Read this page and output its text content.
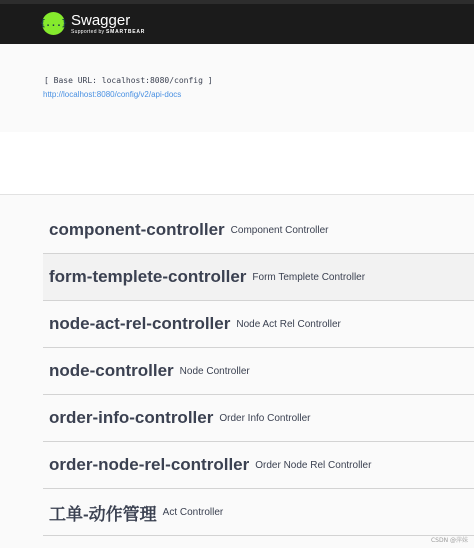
{...} Swagger
Supported by SMARTBEAR
[ Base URL: localhost:8080/config ]
http://localhost:8080/config/v2/api-docs
component-controller Component Controller
form-templete-controller Form Templete Controller
node-act-rel-controller Node Act Rel Controller
node-controller Node Controller
order-info-controller Order Info Controller
order-node-rel-controller Order Node Rel Controller
工单-动作管理 Act Controller
CSDN @萍妹
